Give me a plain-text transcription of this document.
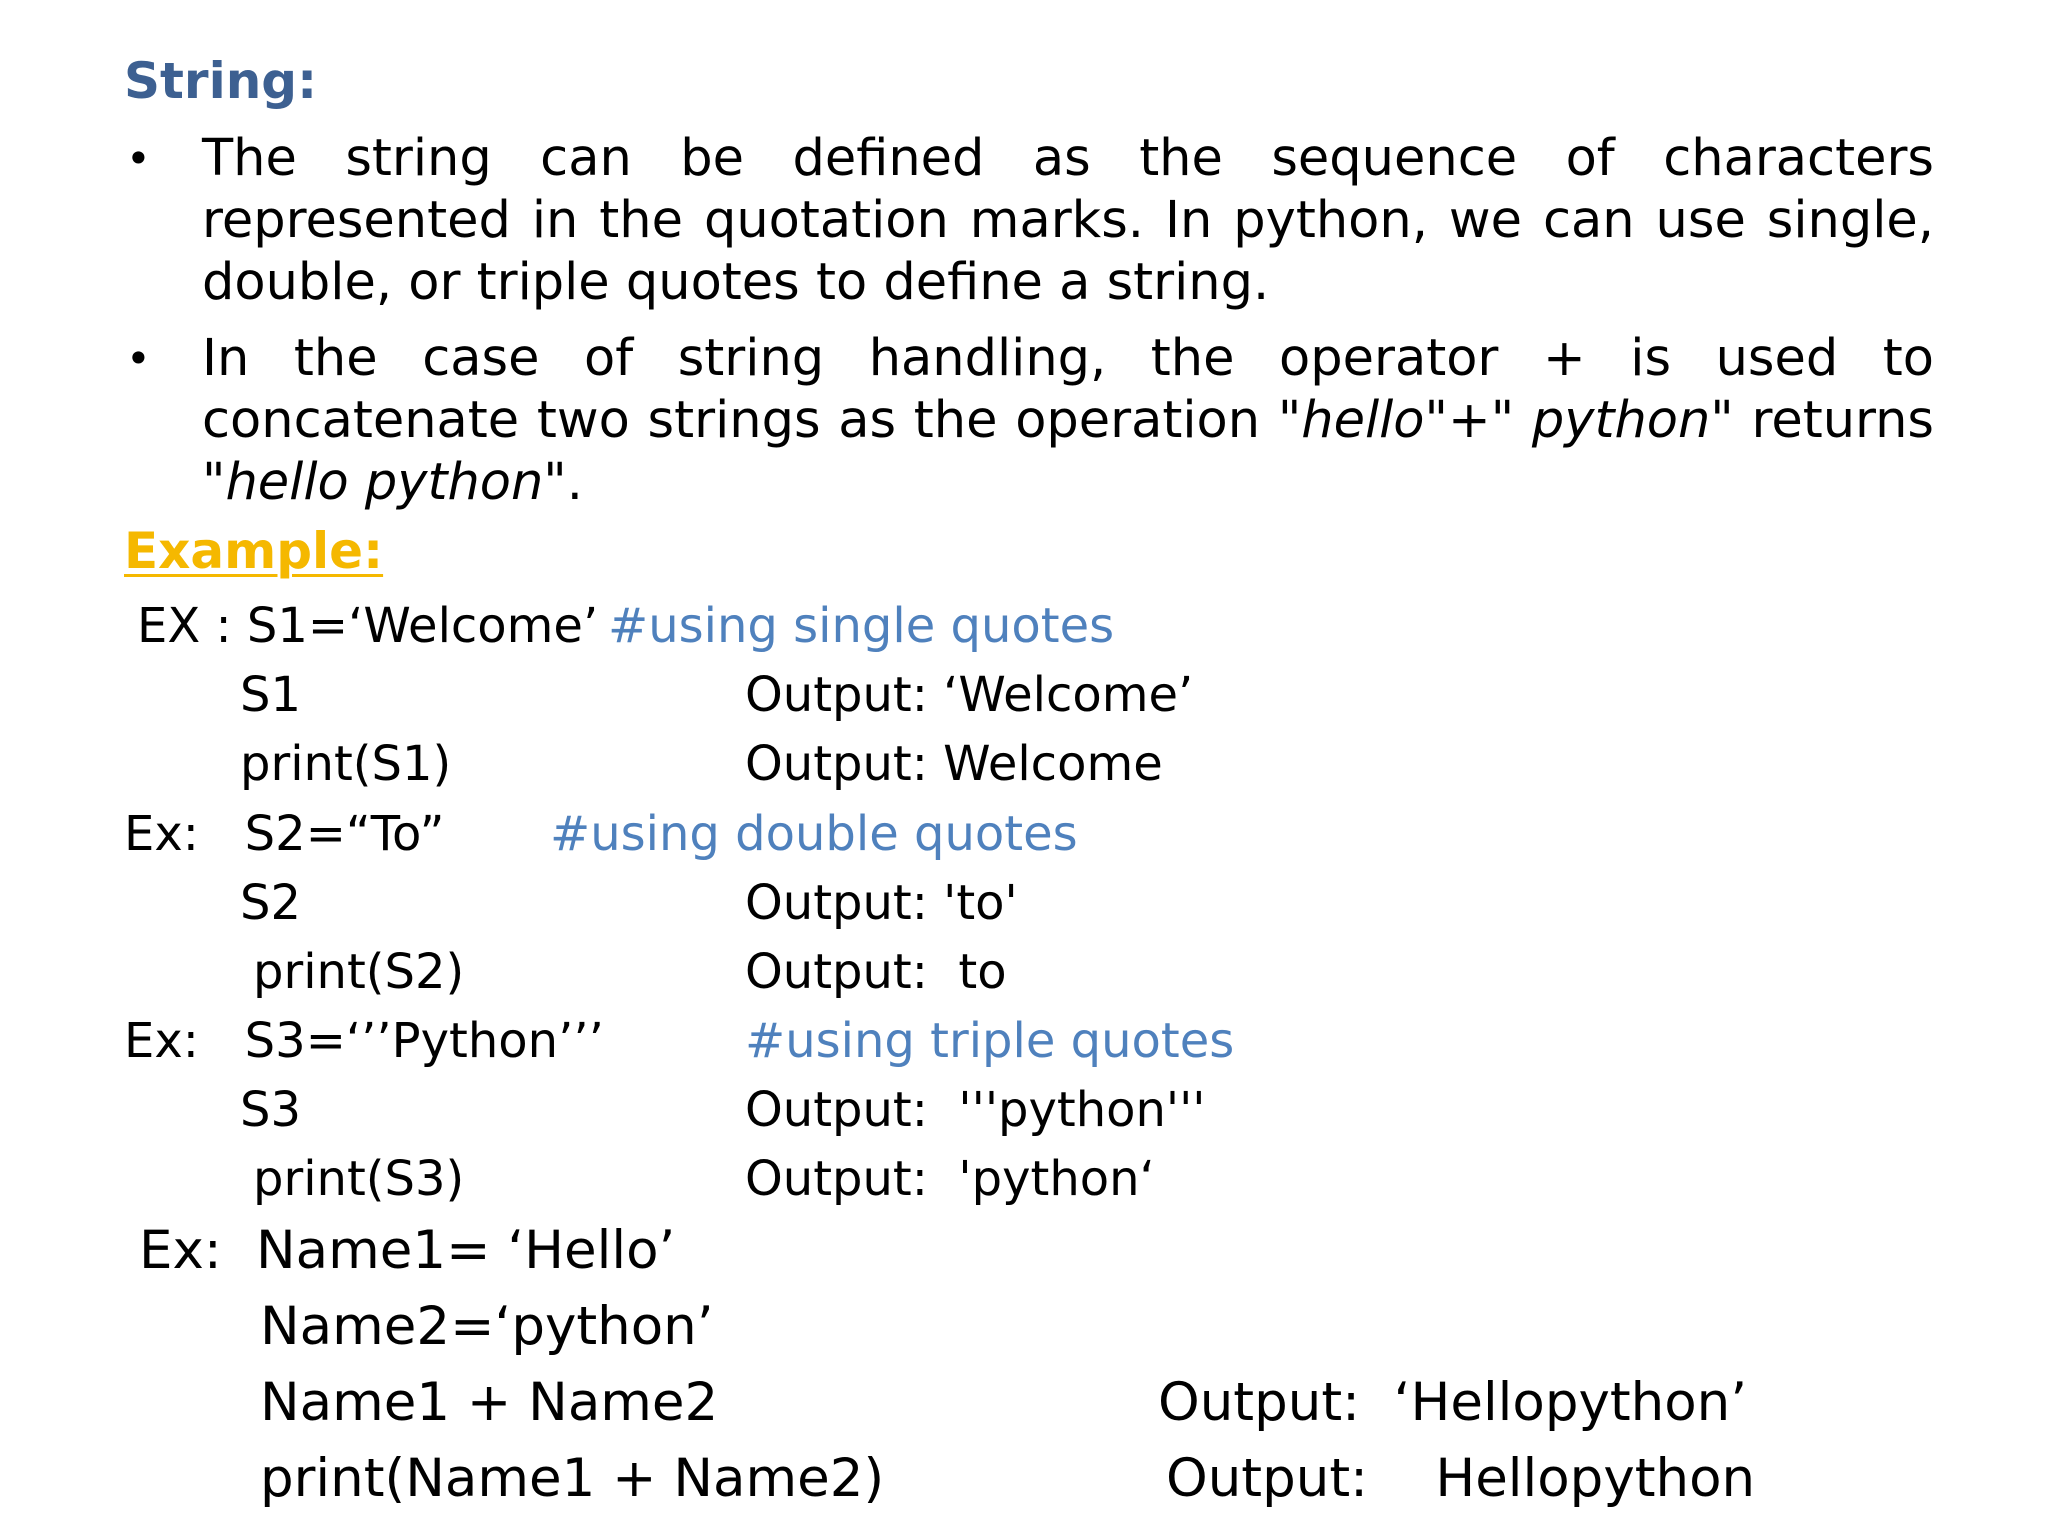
String:
• The string can be defined as the sequence of characters represented in the quotation marks. In python, we can use single, double, or triple quotes to define a string.
• In the case of string handling, the operator + is used to concatenate two strings as the operation "hello"+" python" returns "hello python".
Example:
EX : S1=‘Welcome’ #using single quotes
S1	Output: ‘Welcome’
print(S1)	Output: Welcome
Ex:   S2=“To” #using double quotes
S2	Output: 'to'
print(S2)	Output:  to
Ex:   S3=‘’’Python’’’	#using triple quotes
S3	Output:  '''python'''
print(S3)	Output:  'python‘
Ex: Name1= ‘Hello’
Name2=‘python’
Name1 + Name2	Output:  ‘Hellopython’
print(Name1 + Name2)	Output:    Hellopython
